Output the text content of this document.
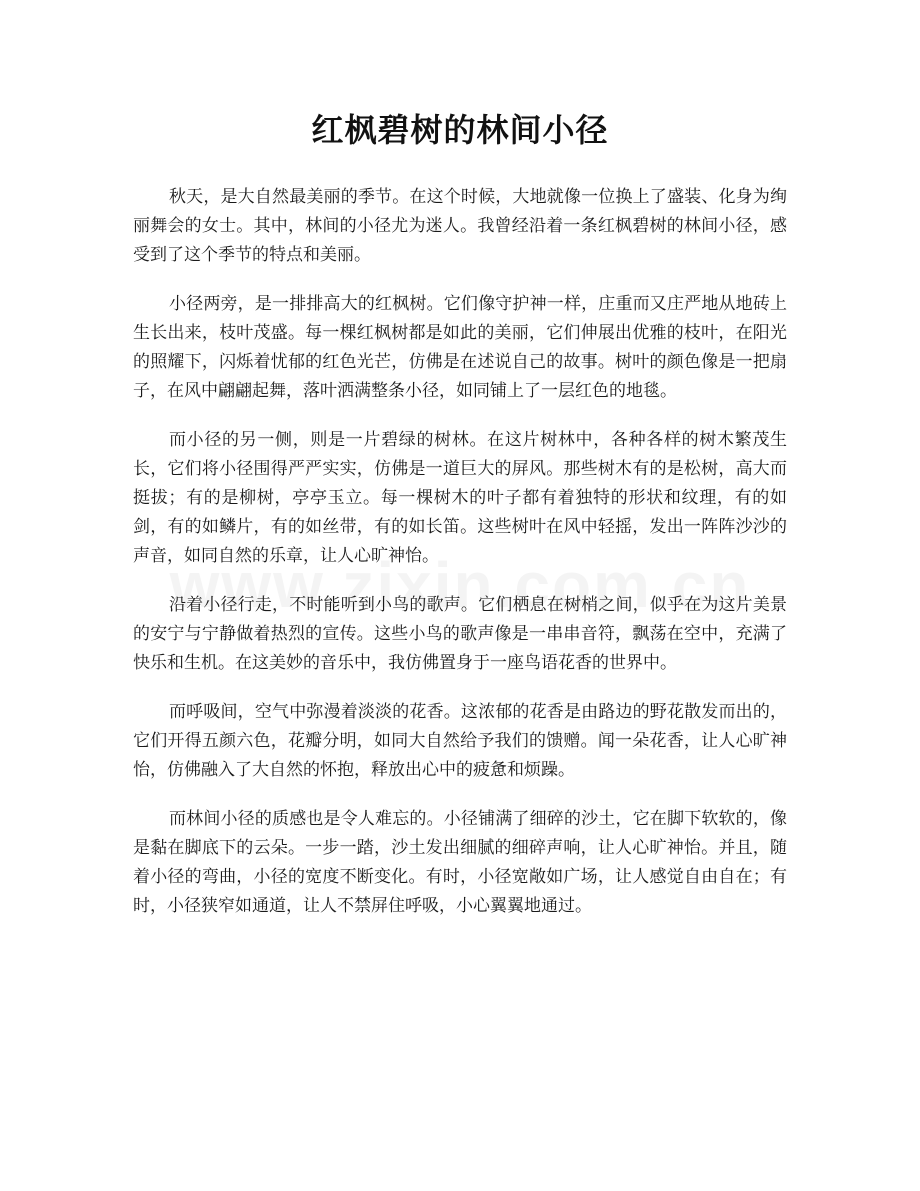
红枫碧树的林间小径

秋天，是大自然最美丽的季节。在这个时候，大地就像一位换上了盛装、化身为绚丽舞会的女士。其中，林间的小径尤为迷人。我曾经沿着一条红枫碧树的林间小径，感受到了这个季节的特点和美丽。

小径两旁，是一排排高大的红枫树。它们像守护神一样，庄重而又庄严地从地砖上生长出来，枝叶茂盛。每一棵红枫树都是如此的美丽，它们伸展出优雅的枝叶，在阳光的照耀下，闪烁着忧郁的红色光芒，仿佛是在述说自己的故事。树叶的颜色像是一把扇子，在风中翩翩起舞，落叶洒满整条小径，如同铺上了一层红色的地毯。

而小径的另一侧，则是一片碧绿的树林。在这片树林中，各种各样的树木繁茂生长，它们将小径围得严严实实，仿佛是一道巨大的屏风。那些树木有的是松树，高大而挺拔；有的是柳树，亭亭玉立。每一棵树木的叶子都有着独特的形状和纹理，有的如剑，有的如鳞片，有的如丝带，有的如长笛。这些树叶在风中轻摇，发出一阵阵沙沙的声音，如同自然的乐章，让人心旷神怡。

沿着小径行走，不时能听到小鸟的歌声。它们栖息在树梢之间，似乎在为这片美景的安宁与宁静做着热烈的宣传。这些小鸟的歌声像是一串串音符，飘荡在空中，充满了快乐和生机。在这美妙的音乐中，我仿佛置身于一座鸟语花香的世界中。

而呼吸间，空气中弥漫着淡淡的花香。这浓郁的花香是由路边的野花散发而出的，它们开得五颜六色，花瓣分明，如同大自然给予我们的馈赠。闻一朵花香，让人心旷神怡，仿佛融入了大自然的怀抱，释放出心中的疲惫和烦躁。

而林间小径的质感也是令人难忘的。小径铺满了细碎的沙土，它在脚下软软的，像是黏在脚底下的云朵。一步一踏，沙土发出细腻的细碎声响，让人心旷神怡。并且，随着小径的弯曲，小径的宽度不断变化。有时，小径宽敞如广场，让人感觉自由自在；有时，小径狭窄如通道，让人不禁屏住呼吸，小心翼翼地通过。
